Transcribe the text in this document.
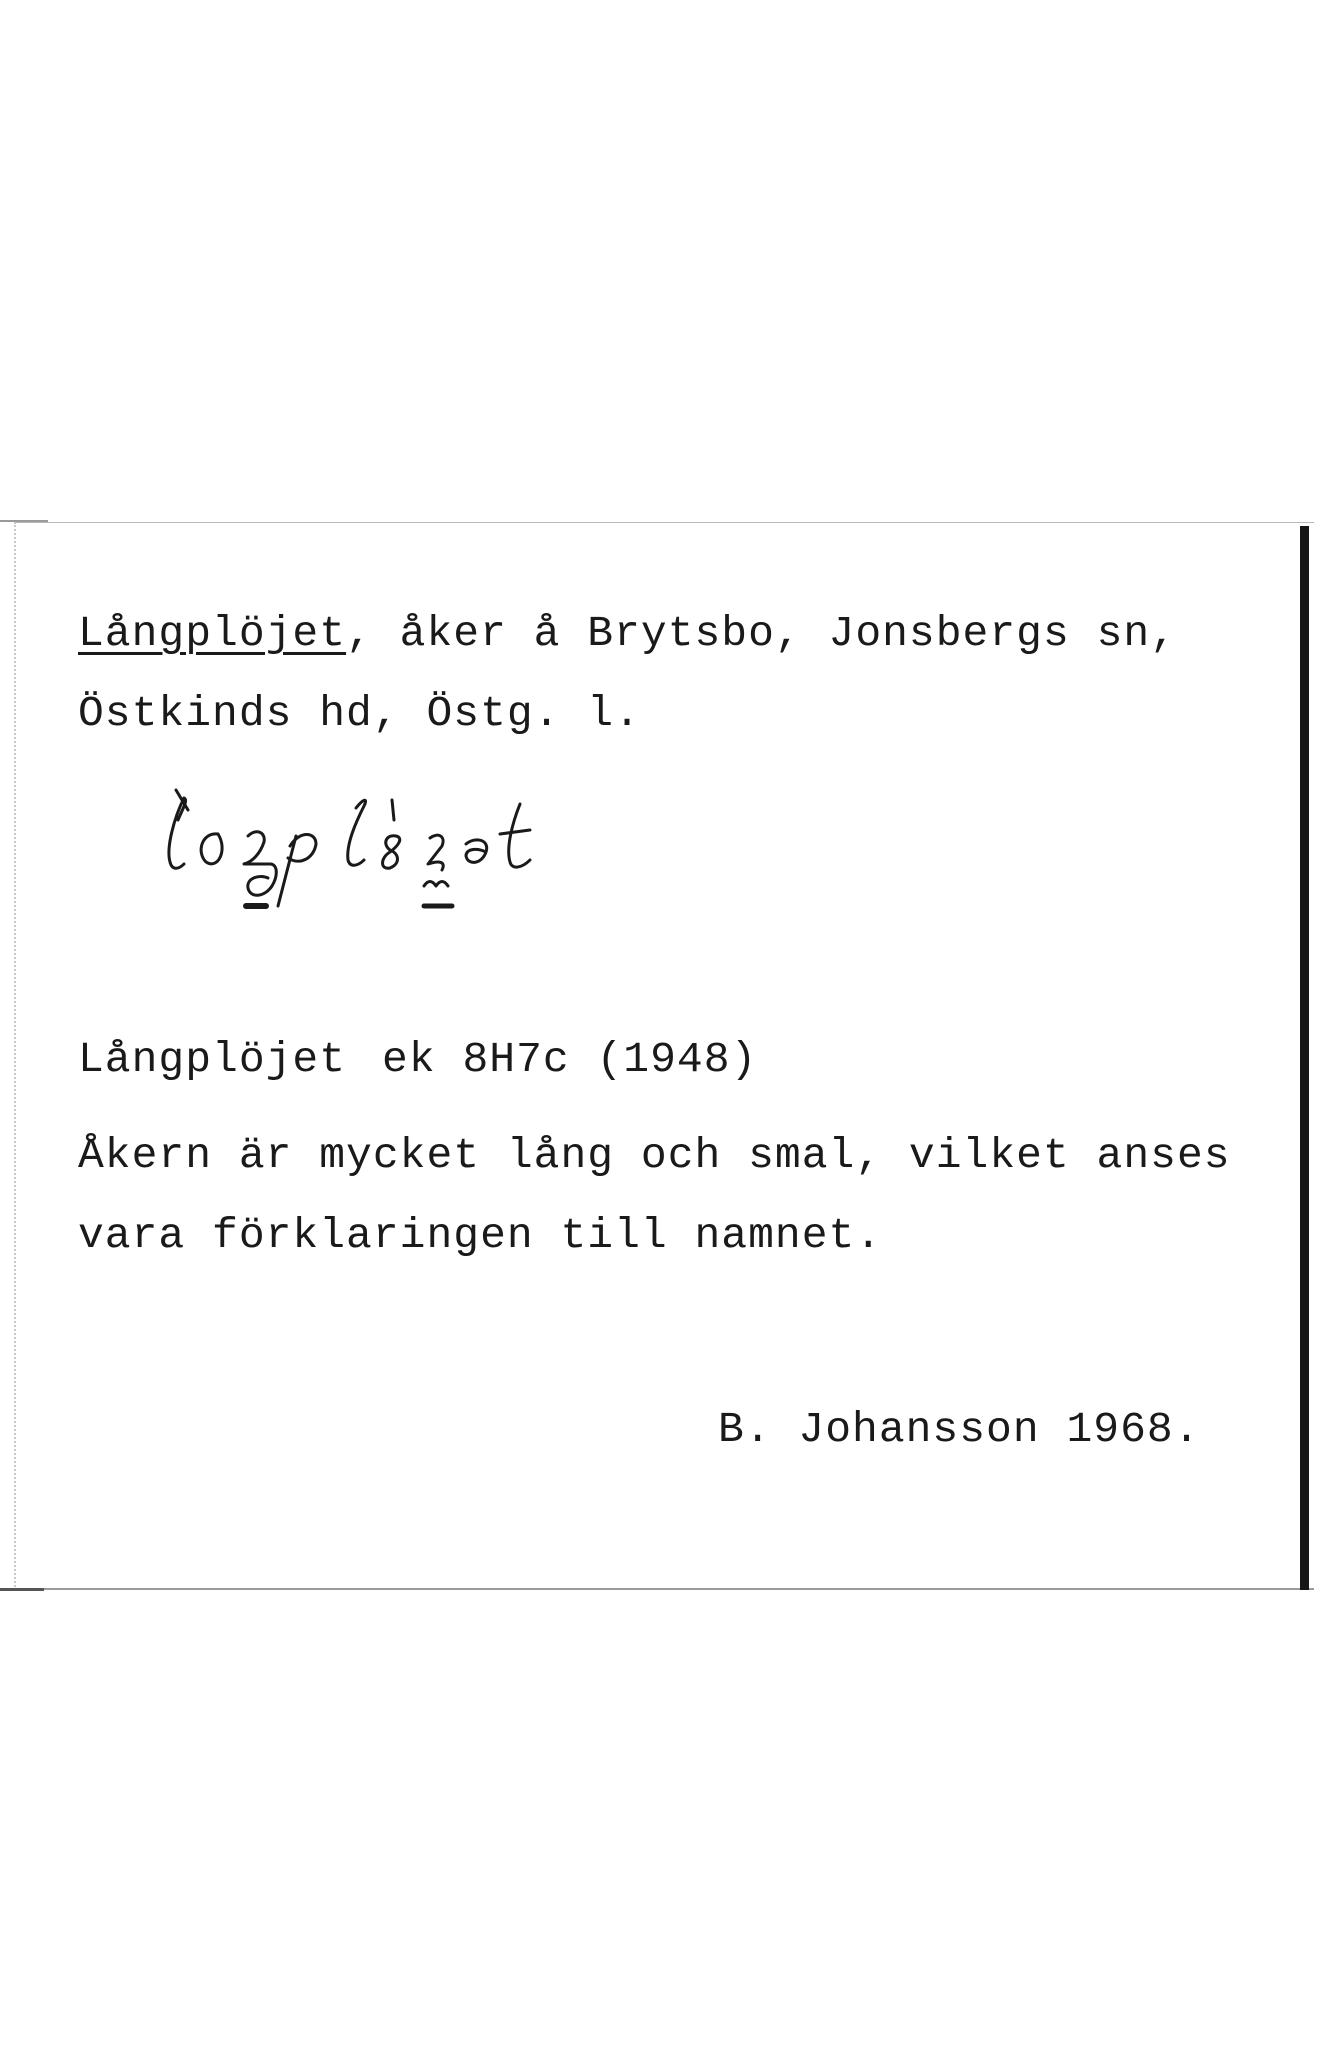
Långplöjet, åker å Brytsbo, Jonsbergs sn,
Östkinds hd, Östg. l.
Långplöjet ek 8H7c (1948)
Åkern är mycket lång och smal, vilket anses
vara förklaringen till namnet.
B. Johansson 1968.
